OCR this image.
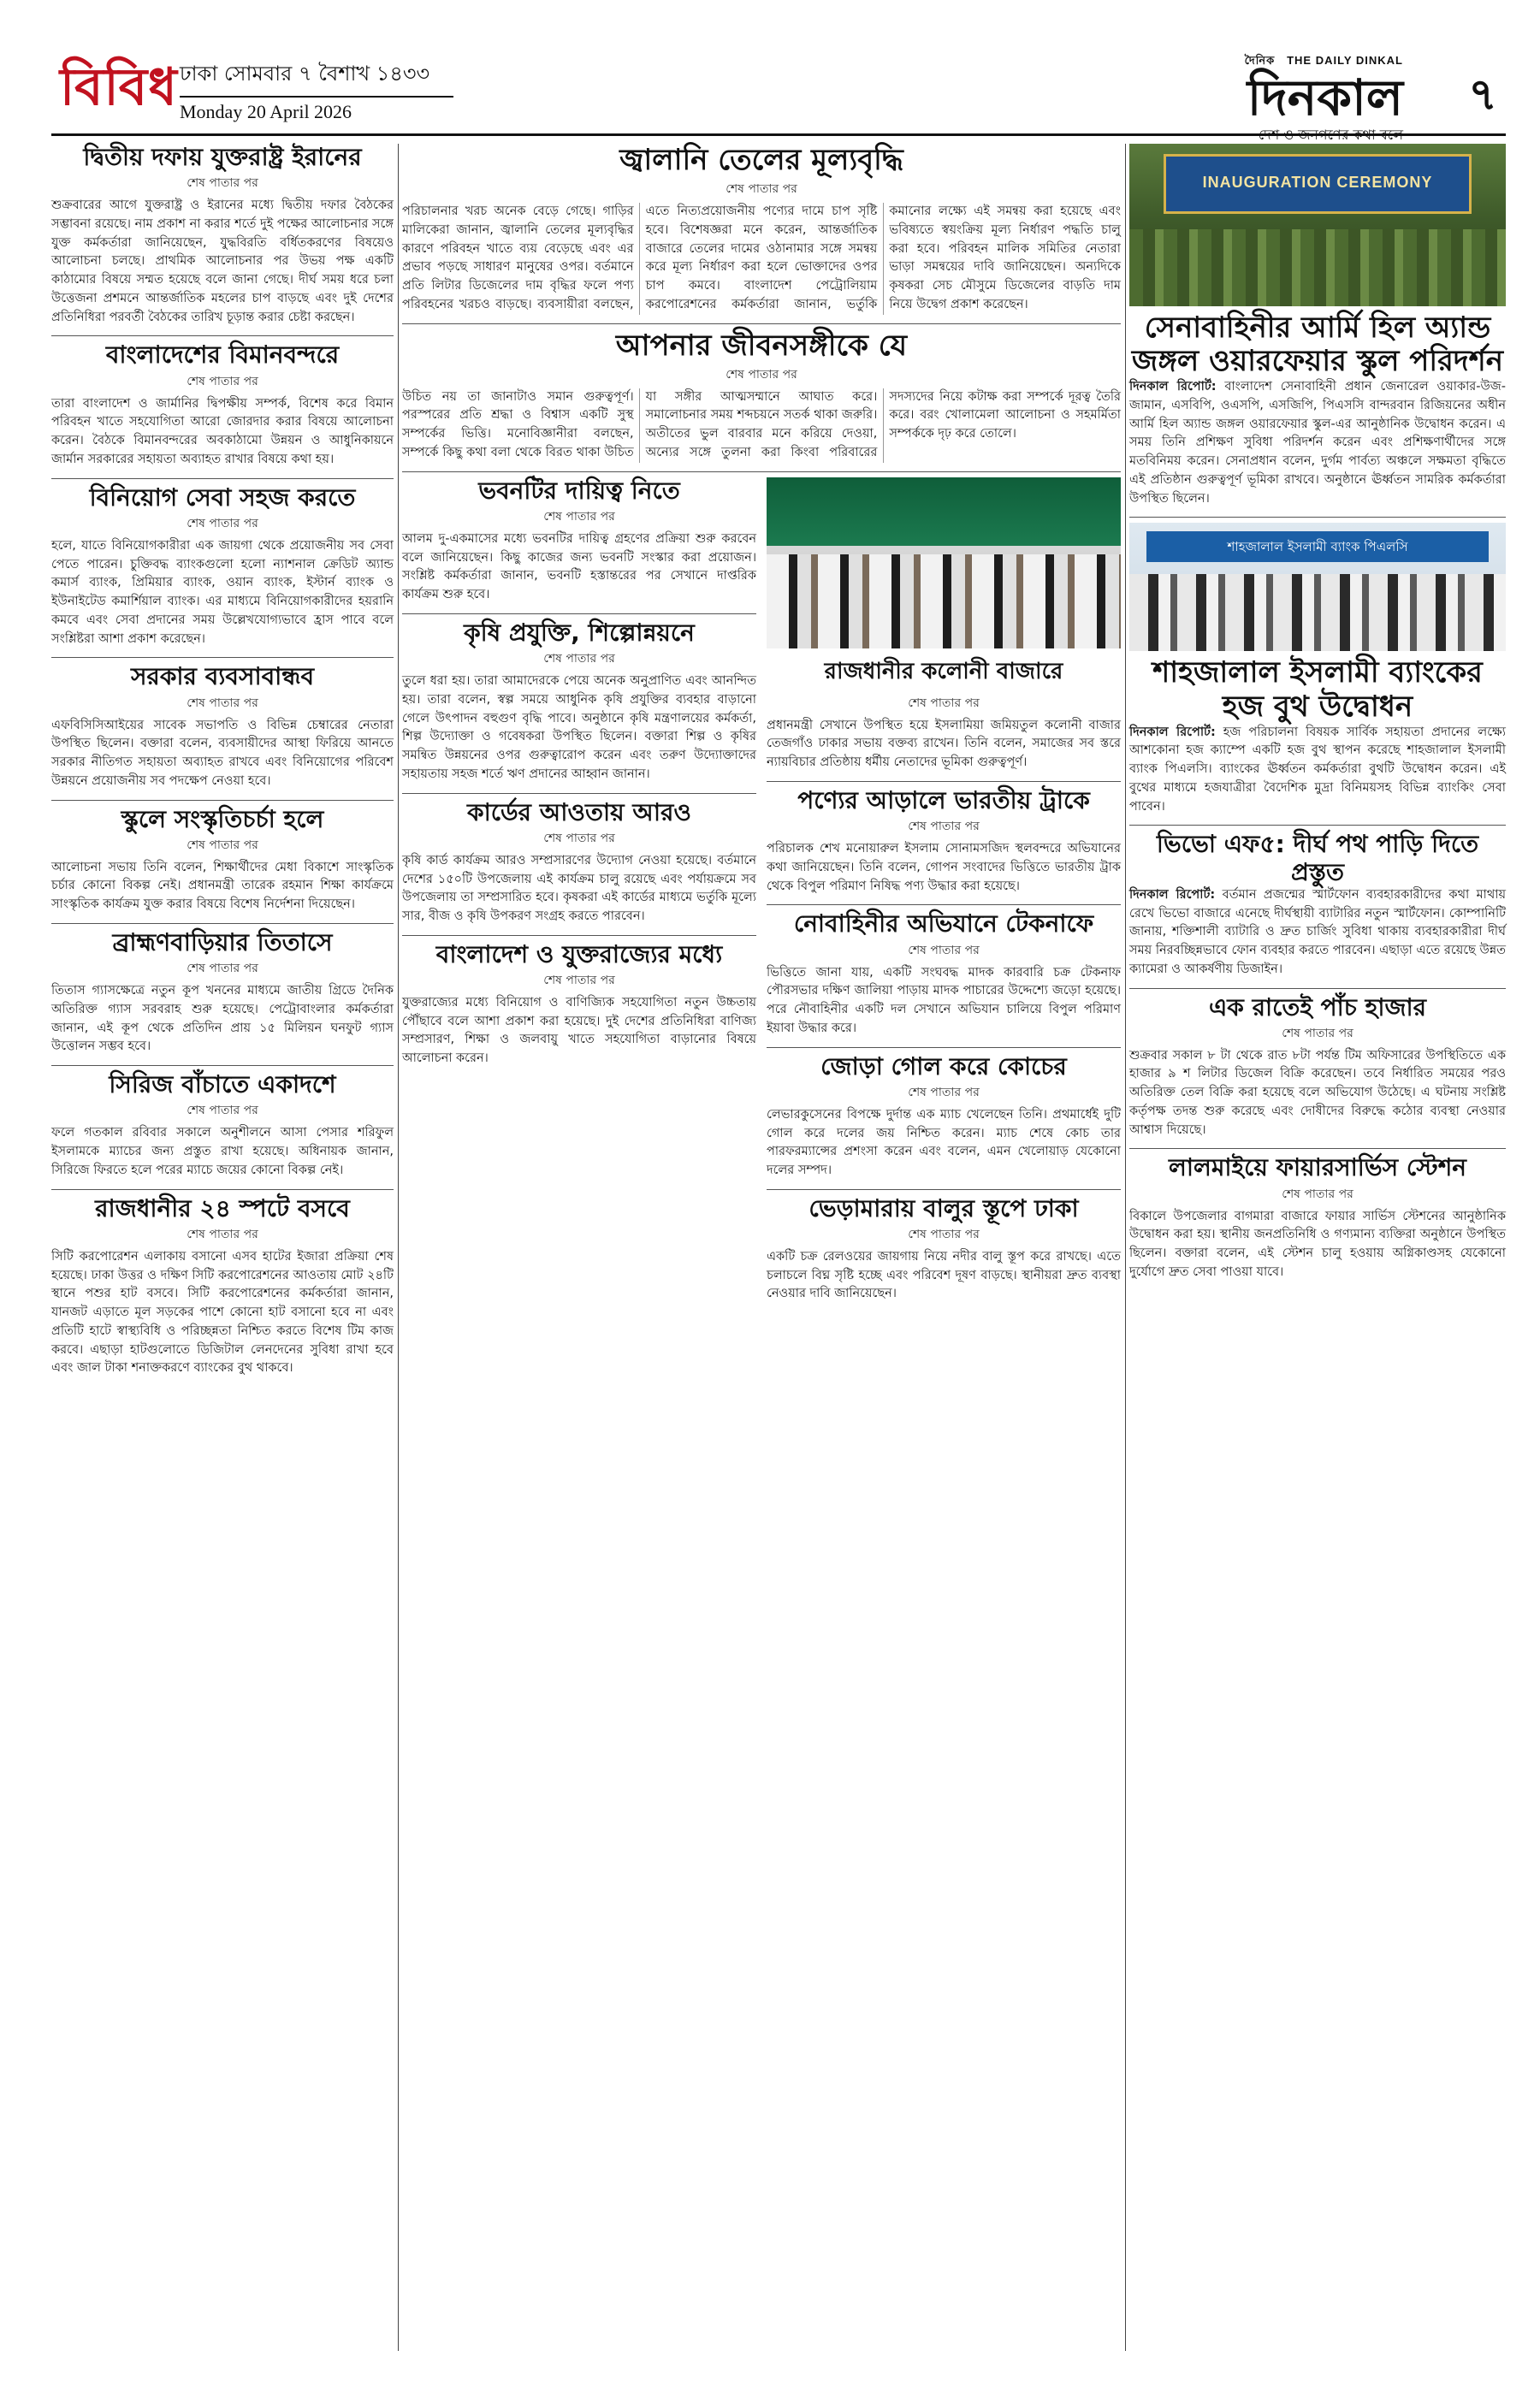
বিবিধ ঢাকা সোমবার ৭ বৈশাখ ১৪৩৩
Monday 20 April 2026
দৈনিক THE DAILY DINKAL
দিনকাল ৭
দ্বিতীয় দফায় যুক্তরাষ্ট্র ইরানের
শেষ পাতার পর
শুক্রবারের আগে যুক্তরাষ্ট্র ও ইরানের মধ্যে দ্বিতীয় দফার বৈঠকের সম্ভাবনা রয়েছে। নাম প্রকাশ না করার শর্তে দুই পক্ষের আলোচনার সঙ্গে যুক্ত কর্মকর্তারা জানিয়েছেন, যুদ্ধবিরতি বর্ধিতকরণের বিষয়েও আলোচনা চলছে। প্রাথমিক আলোচনার পর উভয় পক্ষ একটি কাঠামোর বিষয়ে সম্মত হয়েছে বলে জানা গেছে। দীর্ঘ সময় ধরে চলা উত্তেজনা প্রশমনে আন্তর্জাতিক মহলের চাপ বাড়ছে এবং দুই দেশের প্রতিনিধিরা পরবর্তী বৈঠকের তারিখ চূড়ান্ত করার চেষ্টা করছেন।
বাংলাদেশের বিমানবন্দরে
শেষ পাতার পর
তারা বাংলাদেশ ও জার্মানির দ্বিপক্ষীয় সম্পর্ক, বিশেষ করে বিমান পরিবহন খাতে সহযোগিতা আরো জোরদার করার বিষয়ে আলোচনা করেন। বৈঠকে বিমানবন্দরের অবকাঠামো উন্নয়ন ও আধুনিকায়নে জার্মান সরকারের সহায়তা অব্যাহত রাখার বিষয়ে কথা হয়।
বিনিয়োগ সেবা সহজ করতে
শেষ পাতার পর
হলে, যাতে বিনিয়োগকারীরা এক জায়গা থেকে প্রয়োজনীয় সব সেবা পেতে পারেন। চুক্তিবদ্ধ ব্যাংকগুলো হলো ন্যাশনাল ক্রেডিট অ্যান্ড কমার্স ব্যাংক, প্রিমিয়ার ব্যাংক, ওয়ান ব্যাংক, ইস্টার্ন ব্যাংক ও ইউনাইটেড কমার্শিয়াল ব্যাংক। এর মাধ্যমে বিনিয়োগকারীদের হয়রানি কমবে এবং সেবা প্রদানের সময় উল্লেখযোগ্যভাবে হ্রাস পাবে বলে সংশ্লিষ্টরা আশা প্রকাশ করেছেন।
সরকার ব্যবসাবান্ধব
শেষ পাতার পর
এফবিসিসিআইয়ের সাবেক সভাপতি ও বিভিন্ন চেম্বারের নেতারা উপস্থিত ছিলেন। বক্তারা বলেন, ব্যবসায়ীদের আস্থা ফিরিয়ে আনতে সরকার নীতিগত সহায়তা অব্যাহত রাখবে এবং বিনিয়োগের পরিবেশ উন্নয়নে প্রয়োজনীয় সব পদক্ষেপ নেওয়া হবে।
স্কুলে সংস্কৃতিচর্চা হলে
শেষ পাতার পর
আলোচনা সভায় তিনি বলেন, শিক্ষার্থীদের মেধা বিকাশে সাংস্কৃতিক চর্চার কোনো বিকল্প নেই। প্রধানমন্ত্রী তারেক রহমান শিক্ষা কার্যক্রমে সাংস্কৃতিক কার্যক্রম যুক্ত করার বিষয়ে বিশেষ নির্দেশনা দিয়েছেন।
ব্রাহ্মণবাড়িয়ার তিতাসে
শেষ পাতার পর
তিতাস গ্যাসক্ষেত্রে নতুন কূপ খননের মাধ্যমে জাতীয় গ্রিডে দৈনিক অতিরিক্ত গ্যাস সরবরাহ শুরু হয়েছে। পেট্রোবাংলার কর্মকর্তারা জানান, এই কূপ থেকে প্রতিদিন প্রায় ১৫ মিলিয়ন ঘনফুট গ্যাস উত্তোলন সম্ভব হবে।
সিরিজ বাঁচাতে একাদশে
শেষ পাতার পর
ফলে গতকাল রবিবার সকালে অনুশীলনে আসা পেসার শরিফুল ইসলামকে ম্যাচের জন্য প্রস্তুত রাখা হয়েছে। অধিনায়ক জানান, সিরিজে ফিরতে হলে পরের ম্যাচে জয়ের কোনো বিকল্প নেই।
রাজধানীর ২৪ স্পটে বসবে
শেষ পাতার পর
সিটি করপোরেশন এলাকায় বসানো এসব হাটের ইজারা প্রক্রিয়া শেষ হয়েছে। ঢাকা উত্তর ও দক্ষিণ সিটি করপোরেশনের আওতায় মোট ২৪টি স্থানে পশুর হাট বসবে। সিটি করপোরেশনের কর্মকর্তারা জানান, যানজট এড়াতে মূল সড়কের পাশে কোনো হাট বসানো হবে না এবং প্রতিটি হাটে স্বাস্থ্যবিধি ও পরিচ্ছন্নতা নিশ্চিত করতে বিশেষ টিম কাজ করবে। এছাড়া হাটগুলোতে ডিজিটাল লেনদেনের সুবিধা রাখা হবে এবং জাল টাকা শনাক্তকরণে ব্যাংকের বুথ থাকবে।
জ্বালানি তেলের মূল্যবৃদ্ধি
শেষ পাতার পর
পরিচালনার খরচ অনেক বেড়ে গেছে। গাড়ির মালিকেরা জানান, জ্বালানি তেলের মূল্যবৃদ্ধির কারণে পরিবহন খাতে ব্যয় বেড়েছে এবং এর প্রভাব পড়ছে সাধারণ মানুষের ওপর। বর্তমানে প্রতি লিটার ডিজেলের দাম বৃদ্ধির ফলে পণ্য পরিবহনের খরচও বাড়ছে। ব্যবসায়ীরা বলছেন, এতে নিত্যপ্রয়োজনীয় পণ্যের দামে চাপ সৃষ্টি হবে। বিশেষজ্ঞরা মনে করেন, আন্তর্জাতিক বাজারে তেলের দামের ওঠানামার সঙ্গে সমন্বয় করে মূল্য নির্ধারণ করা হলে ভোক্তাদের ওপর চাপ কমবে। বাংলাদেশ পেট্রোলিয়াম করপোরেশনের কর্মকর্তারা জানান, ভর্তুকি কমানোর লক্ষ্যে এই সমন্বয় করা হয়েছে এবং ভবিষ্যতে স্বয়ংক্রিয় মূল্য নির্ধারণ পদ্ধতি চালু করা হবে। পরিবহন মালিক সমিতির নেতারা ভাড়া সমন্বয়ের দাবি জানিয়েছেন। অন্যদিকে কৃষকরা সেচ মৌসুমে ডিজেলের বাড়তি দাম নিয়ে উদ্বেগ প্রকাশ করেছেন।
আপনার জীবনসঙ্গীকে যে
শেষ পাতার পর
উচিত নয় তা জানাটাও সমান গুরুত্বপূর্ণ। পরস্পরের প্রতি শ্রদ্ধা ও বিশ্বাস একটি সুস্থ সম্পর্কের ভিত্তি। মনোবিজ্ঞানীরা বলছেন, সম্পর্কে কিছু কথা বলা থেকে বিরত থাকা উচিত যা সঙ্গীর আত্মসম্মানে আঘাত করে। সমালোচনার সময় শব্দচয়নে সতর্ক থাকা জরুরি। অতীতের ভুল বারবার মনে করিয়ে দেওয়া, অন্যের সঙ্গে তুলনা করা কিংবা পরিবারের সদস্যদের নিয়ে কটাক্ষ করা সম্পর্কে দূরত্ব তৈরি করে। বরং খোলামেলা আলোচনা ও সহমর্মিতা সম্পর্ককে দৃঢ় করে তোলে।
ভবনটির দায়িত্ব নিতে
শেষ পাতার পর
আলম দু-একমাসের মধ্যে ভবনটির দায়িত্ব গ্রহণের প্রক্রিয়া শুরু করবেন বলে জানিয়েছেন। কিছু কাজের জন্য ভবনটি সংস্কার করা প্রয়োজন। সংশ্লিষ্ট কর্মকর্তারা জানান, ভবনটি হস্তান্তরের পর সেখানে দাপ্তরিক কার্যক্রম শুরু হবে।
কৃষি প্রযুক্তি, শিল্পোন্নয়নে
শেষ পাতার পর
তুলে ধরা হয়। তারা আমাদেরকে পেয়ে অনেক অনুপ্রাণিত এবং আনন্দিত হয়। তারা বলেন, স্বল্প সময়ে আধুনিক কৃষি প্রযুক্তির ব্যবহার বাড়ানো গেলে উৎপাদন বহুগুণ বৃদ্ধি পাবে। অনুষ্ঠানে কৃষি মন্ত্রণালয়ের কর্মকর্তা, শিল্প উদ্যোক্তা ও গবেষকরা উপস্থিত ছিলেন। বক্তারা শিল্প ও কৃষির সমন্বিত উন্নয়নের ওপর গুরুত্বারোপ করেন এবং তরুণ উদ্যোক্তাদের সহায়তায় সহজ শর্তে ঋণ প্রদানের আহ্বান জানান।
কার্ডের আওতায় আরও
শেষ পাতার পর
কৃষি কার্ড কার্যক্রম আরও সম্প্রসারণের উদ্যোগ নেওয়া হয়েছে। বর্তমানে দেশের ১৫০টি উপজেলায় এই কার্যক্রম চালু রয়েছে এবং পর্যায়ক্রমে সব উপজেলায় তা সম্প্রসারিত হবে। কৃষকরা এই কার্ডের মাধ্যমে ভর্তুকি মূল্যে সার, বীজ ও কৃষি উপকরণ সংগ্রহ করতে পারবেন।
বাংলাদেশ ও যুক্তরাজ্যের মধ্যে
শেষ পাতার পর
যুক্তরাজ্যের মধ্যে বিনিয়োগ ও বাণিজ্যিক সহযোগিতা নতুন উচ্চতায় পৌঁছাবে বলে আশা প্রকাশ করা হয়েছে। দুই দেশের প্রতিনিধিরা বাণিজ্য সম্প্রসারণ, শিক্ষা ও জলবায়ু খাতে সহযোগিতা বাড়ানোর বিষয়ে আলোচনা করেন।
রাজধানীর কলোনী বাজারে
শেষ পাতার পর
প্রধানমন্ত্রী সেখানে উপস্থিত হয়ে ইসলামিয়া জমিয়তুল কলোনী বাজার তেজগাঁও ঢাকার সভায় বক্তব্য রাখেন। তিনি বলেন, সমাজের সব স্তরে ন্যায়বিচার প্রতিষ্ঠায় ধর্মীয় নেতাদের ভূমিকা গুরুত্বপূর্ণ।
পণ্যের আড়ালে ভারতীয় ট্রাকে
শেষ পাতার পর
পরিচালক শেখ মনোয়ারুল ইসলাম সোনামসজিদ স্থলবন্দরে অভিযানের কথা জানিয়েছেন। তিনি বলেন, গোপন সংবাদের ভিত্তিতে ভারতীয় ট্রাক থেকে বিপুল পরিমাণ নিষিদ্ধ পণ্য উদ্ধার করা হয়েছে।
নোবাহিনীর অভিযানে টেকনাফে
শেষ পাতার পর
ভিত্তিতে জানা যায়, একটি সংঘবদ্ধ মাদক কারবারি চক্র টেকনাফ পৌরসভার দক্ষিণ জালিয়া পাড়ায় মাদক পাচারের উদ্দেশ্যে জড়ো হয়েছে। পরে নৌবাহিনীর একটি দল সেখানে অভিযান চালিয়ে বিপুল পরিমাণ ইয়াবা উদ্ধার করে।
জোড়া গোল করে কোচের
শেষ পাতার পর
লেভারকুসেনের বিপক্ষে দুর্দান্ত এক ম্যাচ খেলেছেন তিনি। প্রথমার্ধেই দুটি গোল করে দলের জয় নিশ্চিত করেন। ম্যাচ শেষে কোচ তার পারফরম্যান্সের প্রশংসা করেন এবং বলেন, এমন খেলোয়াড় যেকোনো দলের সম্পদ।
ভেড়ামারায় বালুর স্তূপে ঢাকা
শেষ পাতার পর
একটি চক্র রেলওয়ের জায়গায় নিয়ে নদীর বালু স্তূপ করে রাখছে। এতে চলাচলে বিঘ্ন সৃষ্টি হচ্ছে এবং পরিবেশ দূষণ বাড়ছে। স্থানীয়রা দ্রুত ব্যবস্থা নেওয়ার দাবি জানিয়েছেন।
INAUGURATION CEREMONY
সেনাবাহিনীর আর্মি হিল অ্যান্ড জঙ্গল ওয়ারফেয়ার স্কুল পরিদর্শন
দিনকাল রিপোর্ট: বাংলাদেশ সেনাবাহিনী প্রধান জেনারেল ওয়াকার-উজ-জামান, এসবিপি, ওএসপি, এসজিপি, পিএসসি বান্দরবান রিজিয়নের অধীন আর্মি হিল অ্যান্ড জঙ্গল ওয়ারফেয়ার স্কুল-এর আনুষ্ঠানিক উদ্বোধন করেন। এ সময় তিনি প্রশিক্ষণ সুবিধা পরিদর্শন করেন এবং প্রশিক্ষণার্থীদের সঙ্গে মতবিনিময় করেন। সেনাপ্রধান বলেন, দুর্গম পার্বত্য অঞ্চলে সক্ষমতা বৃদ্ধিতে এই প্রতিষ্ঠান গুরুত্বপূর্ণ ভূমিকা রাখবে। অনুষ্ঠানে ঊর্ধ্বতন সামরিক কর্মকর্তারা উপস্থিত ছিলেন।
শাহজালাল ইসলামী ব্যাংক পিএলসি
শাহজালাল ইসলামী ব্যাংকের হজ বুথ উদ্বোধন
দিনকাল রিপোর্ট: হজ পরিচালনা বিষয়ক সার্বিক সহায়তা প্রদানের লক্ষ্যে আশকোনা হজ ক্যাম্পে একটি হজ বুথ স্থাপন করেছে শাহজালাল ইসলামী ব্যাংক পিএলসি। ব্যাংকের ঊর্ধ্বতন কর্মকর্তারা বুথটি উদ্বোধন করেন। এই বুথের মাধ্যমে হজযাত্রীরা বৈদেশিক মুদ্রা বিনিময়সহ বিভিন্ন ব্যাংকিং সেবা পাবেন।
ভিভো এফ৫: দীর্ঘ পথ পাড়ি দিতে প্রস্তুত
দিনকাল রিপোর্ট: বর্তমান প্রজন্মের স্মার্টফোন ব্যবহারকারীদের কথা মাথায় রেখে ভিভো বাজারে এনেছে দীর্ঘস্থায়ী ব্যাটারির নতুন স্মার্টফোন। কোম্পানিটি জানায়, শক্তিশালী ব্যাটারি ও দ্রুত চার্জিং সুবিধা থাকায় ব্যবহারকারীরা দীর্ঘ সময় নিরবচ্ছিন্নভাবে ফোন ব্যবহার করতে পারবেন। এছাড়া এতে রয়েছে উন্নত ক্যামেরা ও আকর্ষণীয় ডিজাইন।
এক রাতেই পাঁচ হাজার
শেষ পাতার পর
শুক্রবার সকাল ৮ টা থেকে রাত ৮টা পর্যন্ত টিম অফিসারের উপস্থিতিতে এক হাজার ৯ শ লিটার ডিজেল বিক্রি করেছেন। তবে নির্ধারিত সময়ের পরও অতিরিক্ত তেল বিক্রি করা হয়েছে বলে অভিযোগ উঠেছে। এ ঘটনায় সংশ্লিষ্ট কর্তৃপক্ষ তদন্ত শুরু করেছে এবং দোষীদের বিরুদ্ধে কঠোর ব্যবস্থা নেওয়ার আশ্বাস দিয়েছে।
লালমাইয়ে ফায়ারসার্ভিস স্টেশন
শেষ পাতার পর
বিকালে উপজেলার বাগমারা বাজারে ফায়ার সার্ভিস স্টেশনের আনুষ্ঠানিক উদ্বোধন করা হয়। স্থানীয় জনপ্রতিনিধি ও গণ্যমান্য ব্যক্তিরা অনুষ্ঠানে উপস্থিত ছিলেন। বক্তারা বলেন, এই স্টেশন চালু হওয়ায় অগ্নিকাণ্ডসহ যেকোনো দুর্যোগে দ্রুত সেবা পাওয়া যাবে।
